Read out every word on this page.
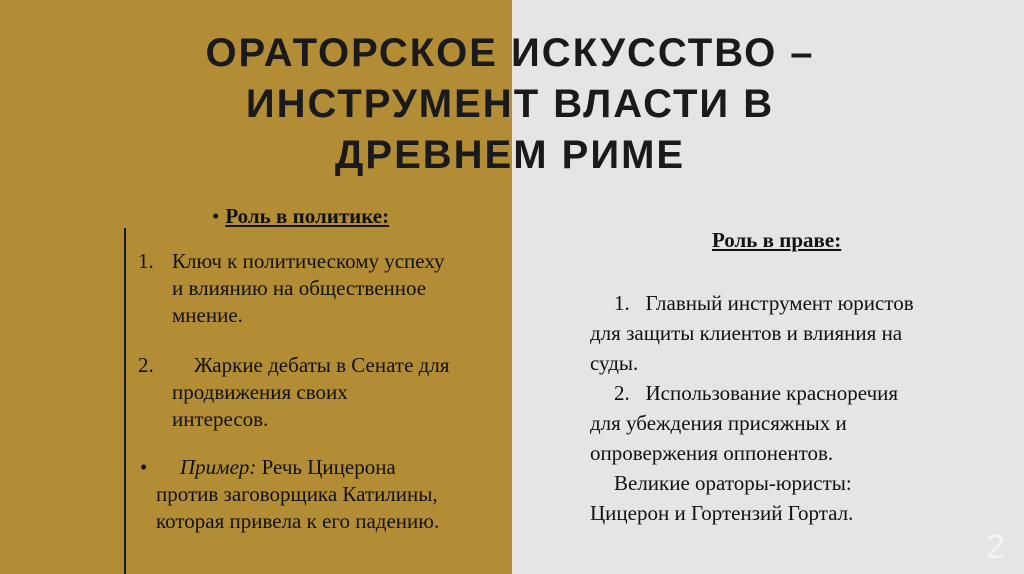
ОРАТОРСКОЕ ИСКУССТВО –
ИНСТРУМЕНТ ВЛАСТИ В
ДРЕВНЕМ РИМЕ
• Роль в политике:
1. Ключ к политическому успеху
и влиянию на общественное
мнение.
2.	Жаркие дебаты в Сенате для
продвижения своих
интересов.
•	Пример: Речь Цицерона
против заговорщика Катилины,
которая привела к его падению.
Роль в праве:
1. Главный инструмент юристов
для защиты клиентов и влияния на
суды.
2. Использование красноречия
для убеждения присяжных и
опровержения оппонентов.
Великие ораторы-юристы:
Цицерон и Гортензий Гортал.
2
